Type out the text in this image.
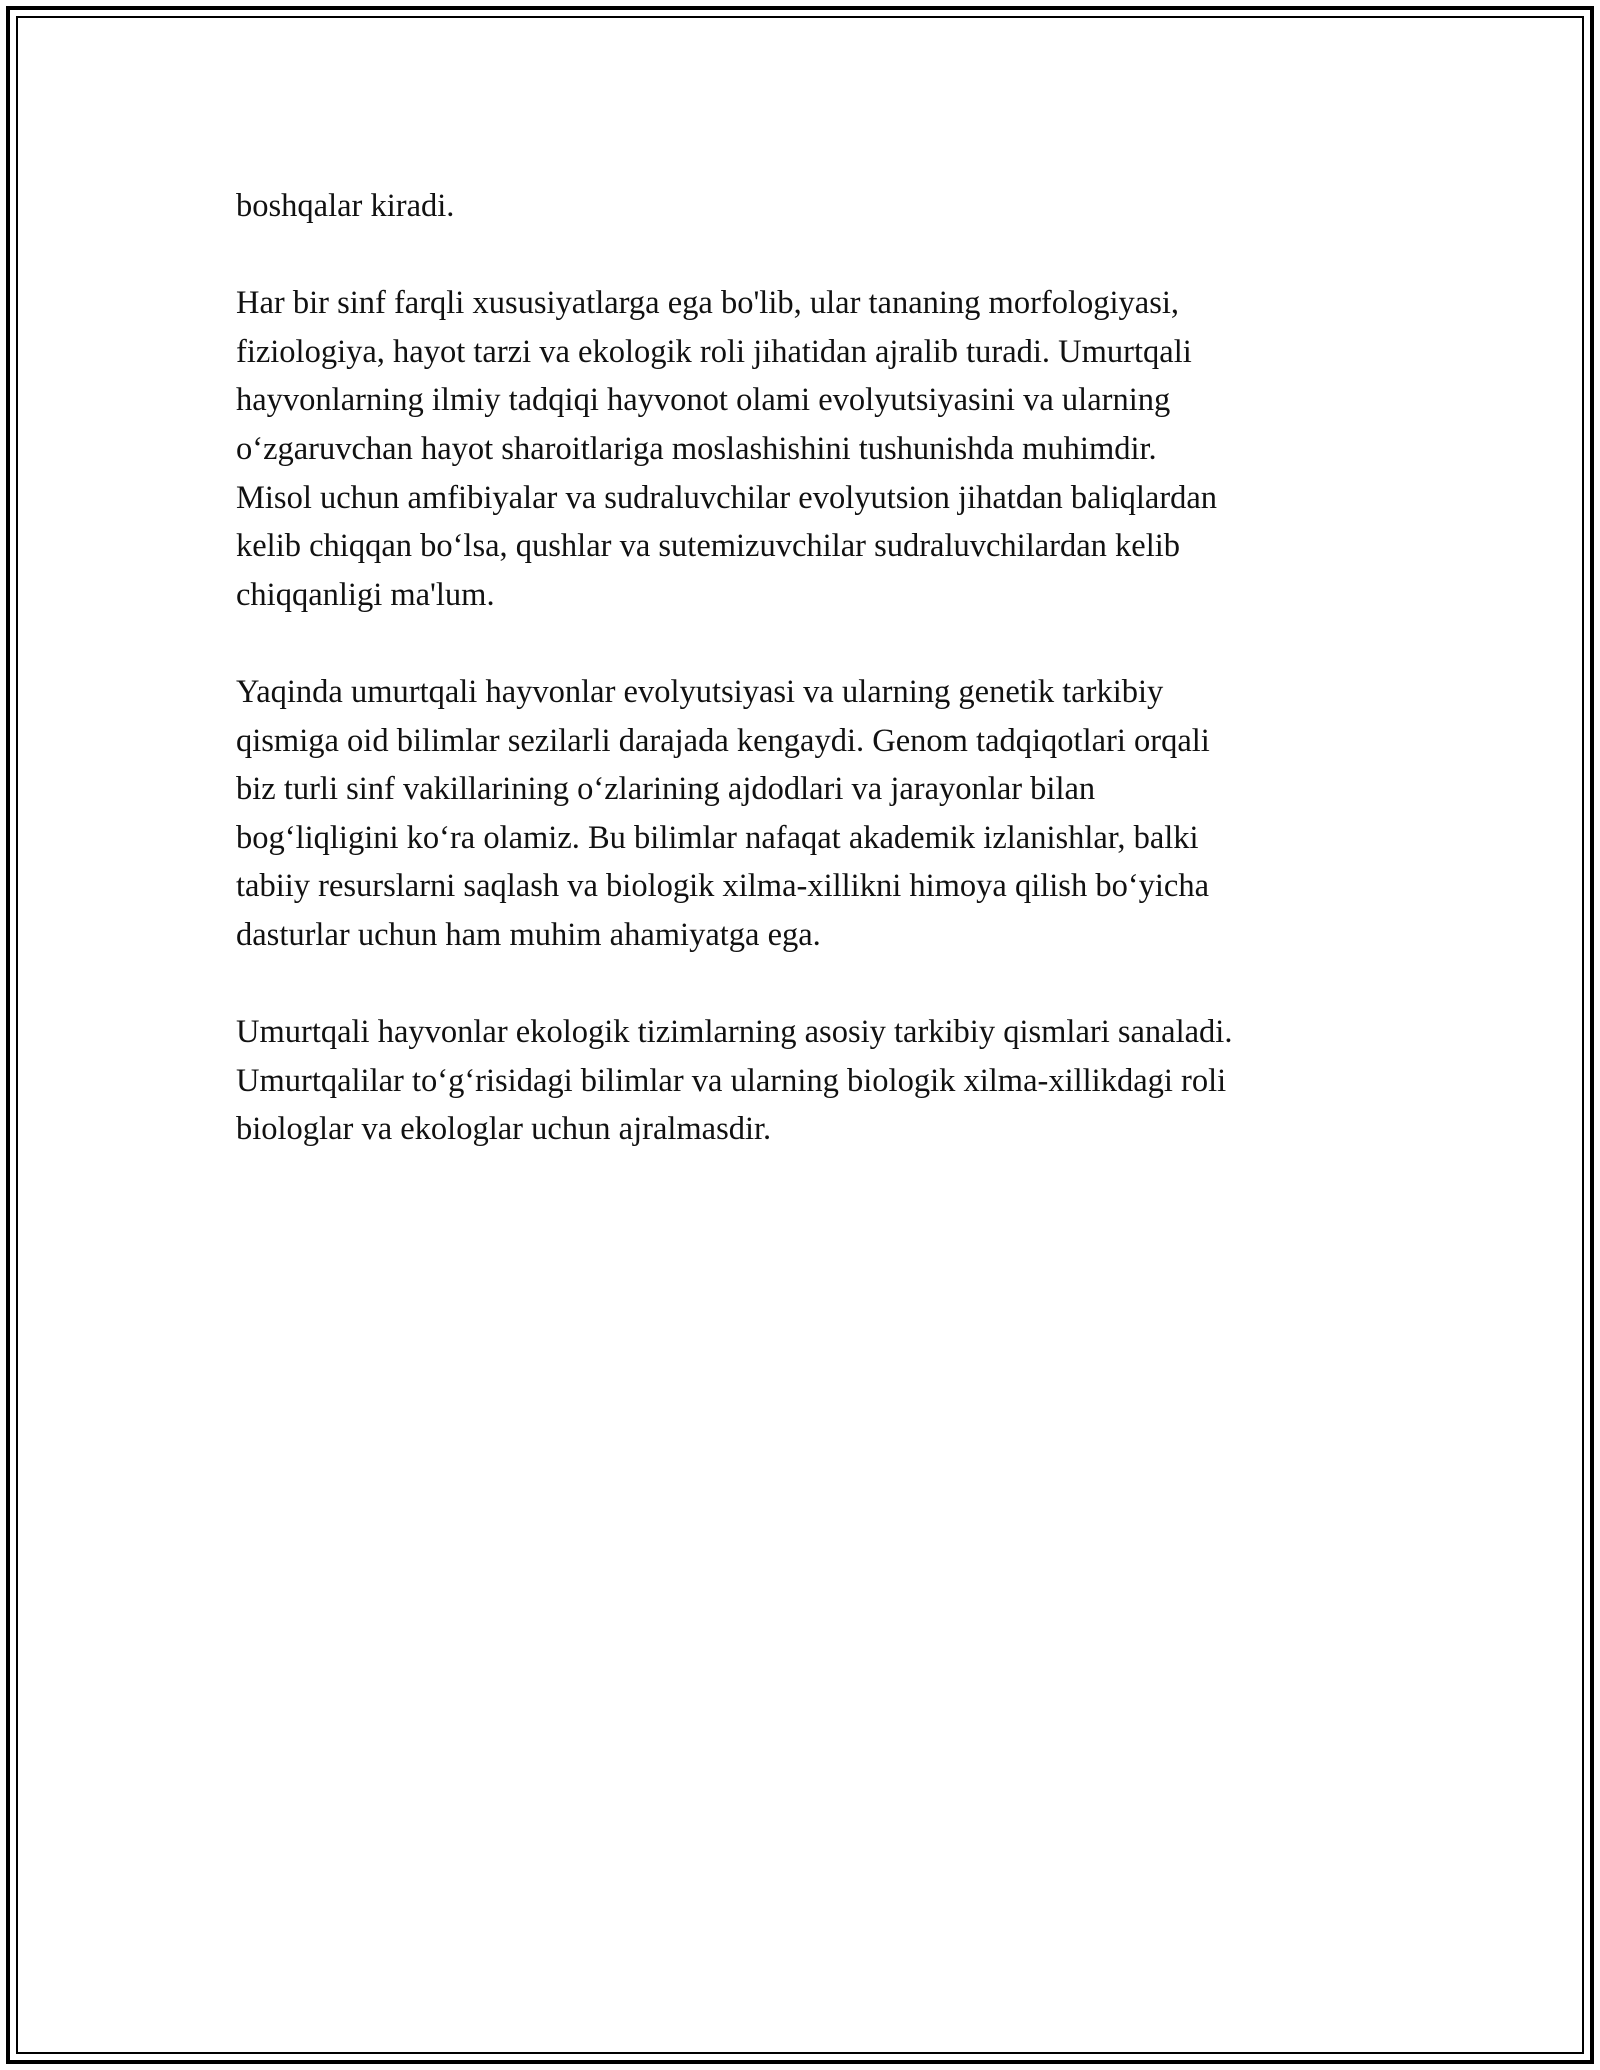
boshqalar kiradi.

Har bir sinf farqli xususiyatlarga ega bo'lib, ular tananing morfologiyasi,
fiziologiya, hayot tarzi va ekologik roli jihatidan ajralib turadi. Umurtqali
hayvonlarning ilmiy tadqiqi hayvonot olami evolyutsiyasini va ularning
o‘zgaruvchan hayot sharoitlariga moslashishini tushunishda muhimdir.
Misol uchun amfibiyalar va sudraluvchilar evolyutsion jihatdan baliqlardan
kelib chiqqan bo‘lsa, qushlar va sutemizuvchilar sudraluvchilardan kelib
chiqqanligi ma'lum.

Yaqinda umurtqali hayvonlar evolyutsiyasi va ularning genetik tarkibiy
qismiga oid bilimlar sezilarli darajada kengaydi. Genom tadqiqotlari orqali
biz turli sinf vakillarining o‘zlarining ajdodlari va jarayonlar bilan
bog‘liqligini ko‘ra olamiz. Bu bilimlar nafaqat akademik izlanishlar, balki
tabiiy resurslarni saqlash va biologik xilma-xillikni himoya qilish bo‘yicha
dasturlar uchun ham muhim ahamiyatga ega.

Umurtqali hayvonlar ekologik tizimlarning asosiy tarkibiy qismlari sanaladi.
Umurtqalilar to‘g‘risidagi bilimlar va ularning biologik xilma-xillikdagi roli
biologlar va ekologlar uchun ajralmasdir.
